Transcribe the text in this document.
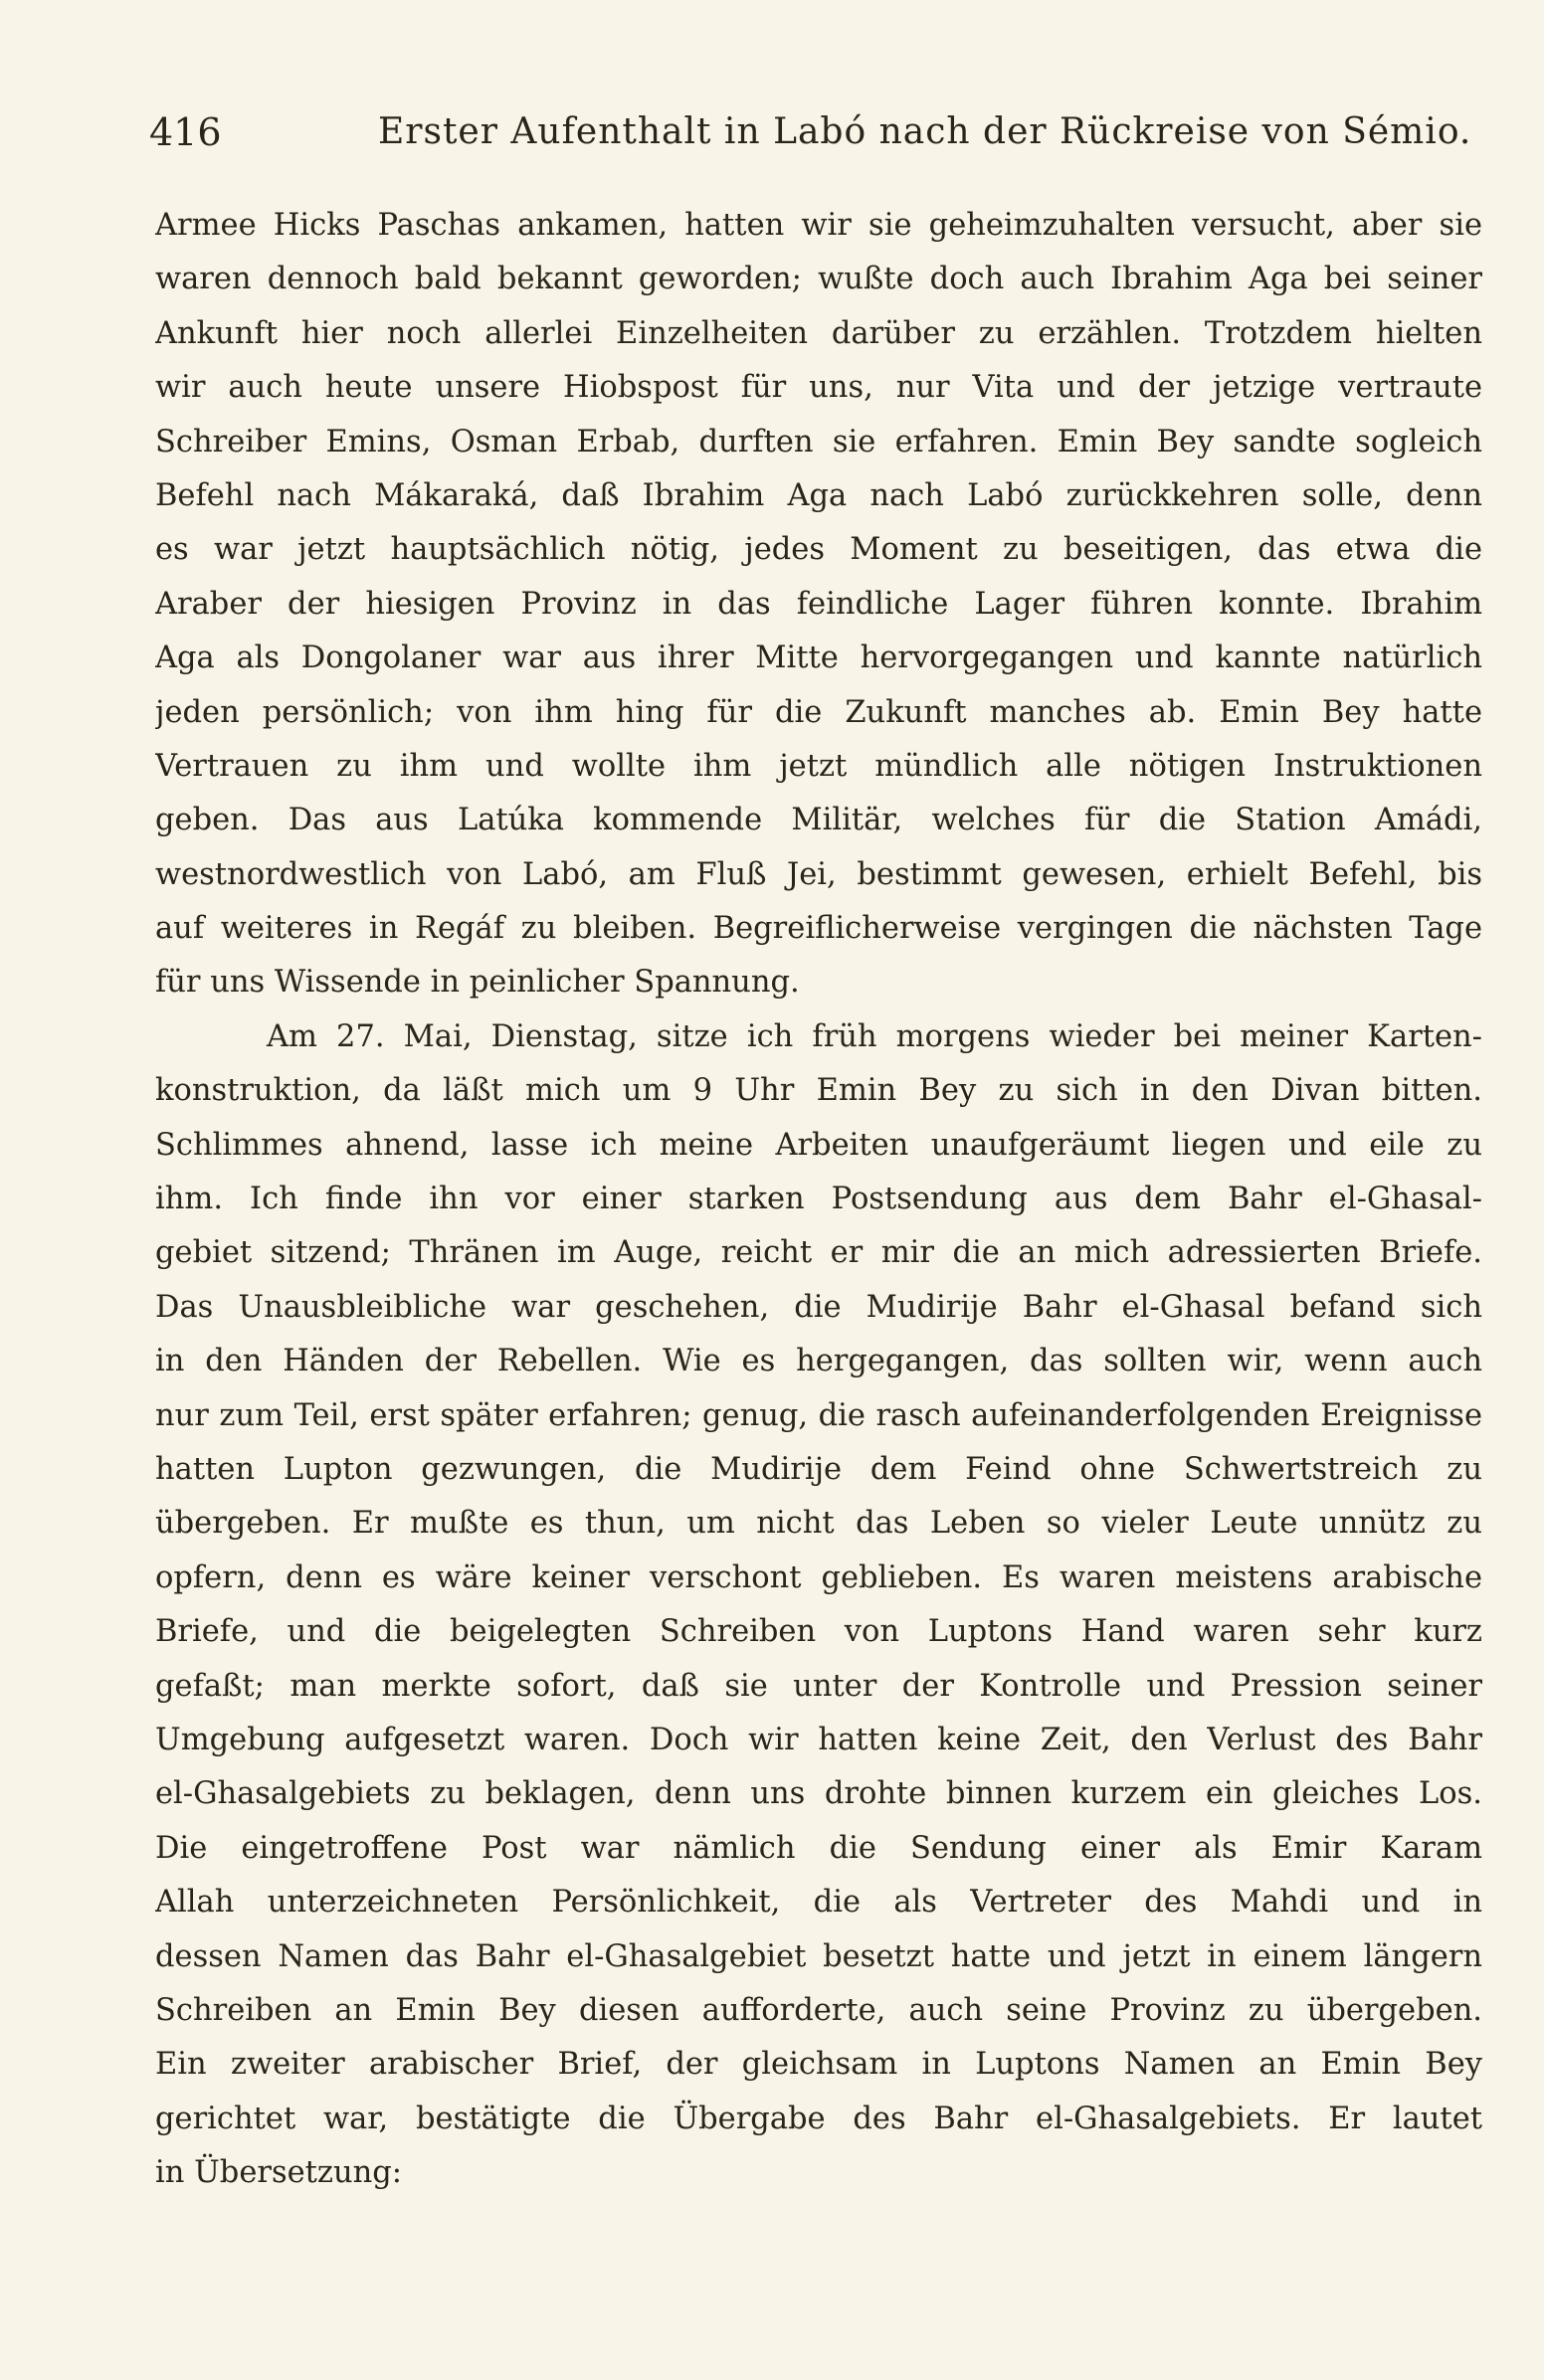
416	Erster Aufenthalt in Labó nach der Rückreise von Sémio.
Armee Hicks Paschas ankamen, hatten wir sie geheimzuhalten versucht, aber sie
waren dennoch bald bekannt geworden; wußte doch auch Ibrahim Aga bei seiner
Ankunft hier noch allerlei Einzelheiten darüber zu erzählen. Trotzdem hielten
wir auch heute unsere Hiobspost für uns, nur Vita und der jetzige vertraute
Schreiber Emins, Osman Erbab, durften sie erfahren. Emin Bey sandte sogleich
Befehl nach Mákaraká, daß Ibrahim Aga nach Labó zurückkehren solle, denn
es war jetzt hauptsächlich nötig, jedes Moment zu beseitigen, das etwa die
Araber der hiesigen Provinz in das feindliche Lager führen konnte. Ibrahim
Aga als Dongolaner war aus ihrer Mitte hervorgegangen und kannte natürlich
jeden persönlich; von ihm hing für die Zukunft manches ab. Emin Bey hatte
Vertrauen zu ihm und wollte ihm jetzt mündlich alle nötigen Instruktionen
geben. Das aus Latúka kommende Militär, welches für die Station Amádi,
westnordwestlich von Labó, am Fluß Jei, bestimmt gewesen, erhielt Befehl, bis
auf weiteres in Regáf zu bleiben. Begreiflicherweise vergingen die nächsten Tage
für uns Wissende in peinlicher Spannung.
Am 27. Mai, Dienstag, sitze ich früh morgens wieder bei meiner Karten-
konstruktion, da läßt mich um 9 Uhr Emin Bey zu sich in den Divan bitten.
Schlimmes ahnend, lasse ich meine Arbeiten unaufgeräumt liegen und eile zu
ihm. Ich finde ihn vor einer starken Postsendung aus dem Bahr el-Ghasal-
gebiet sitzend; Thränen im Auge, reicht er mir die an mich adressierten Briefe.
Das Unausbleibliche war geschehen, die Mudirije Bahr el-Ghasal befand sich
in den Händen der Rebellen. Wie es hergegangen, das sollten wir, wenn auch
nur zum Teil, erst später erfahren; genug, die rasch aufeinanderfolgenden Ereignisse
hatten Lupton gezwungen, die Mudirije dem Feind ohne Schwertstreich zu
übergeben. Er mußte es thun, um nicht das Leben so vieler Leute unnütz zu
opfern, denn es wäre keiner verschont geblieben. Es waren meistens arabische
Briefe, und die beigelegten Schreiben von Luptons Hand waren sehr kurz
gefaßt; man merkte sofort, daß sie unter der Kontrolle und Pression seiner
Umgebung aufgesetzt waren. Doch wir hatten keine Zeit, den Verlust des Bahr
el-Ghasalgebiets zu beklagen, denn uns drohte binnen kurzem ein gleiches Los.
Die eingetroffene Post war nämlich die Sendung einer als Emir Karam
Allah unterzeichneten Persönlichkeit, die als Vertreter des Mahdi und in
dessen Namen das Bahr el-Ghasalgebiet besetzt hatte und jetzt in einem längern
Schreiben an Emin Bey diesen aufforderte, auch seine Provinz zu übergeben.
Ein zweiter arabischer Brief, der gleichsam in Luptons Namen an Emin Bey
gerichtet war, bestätigte die Übergabe des Bahr el-Ghasalgebiets. Er lautet
in Übersetzung:
